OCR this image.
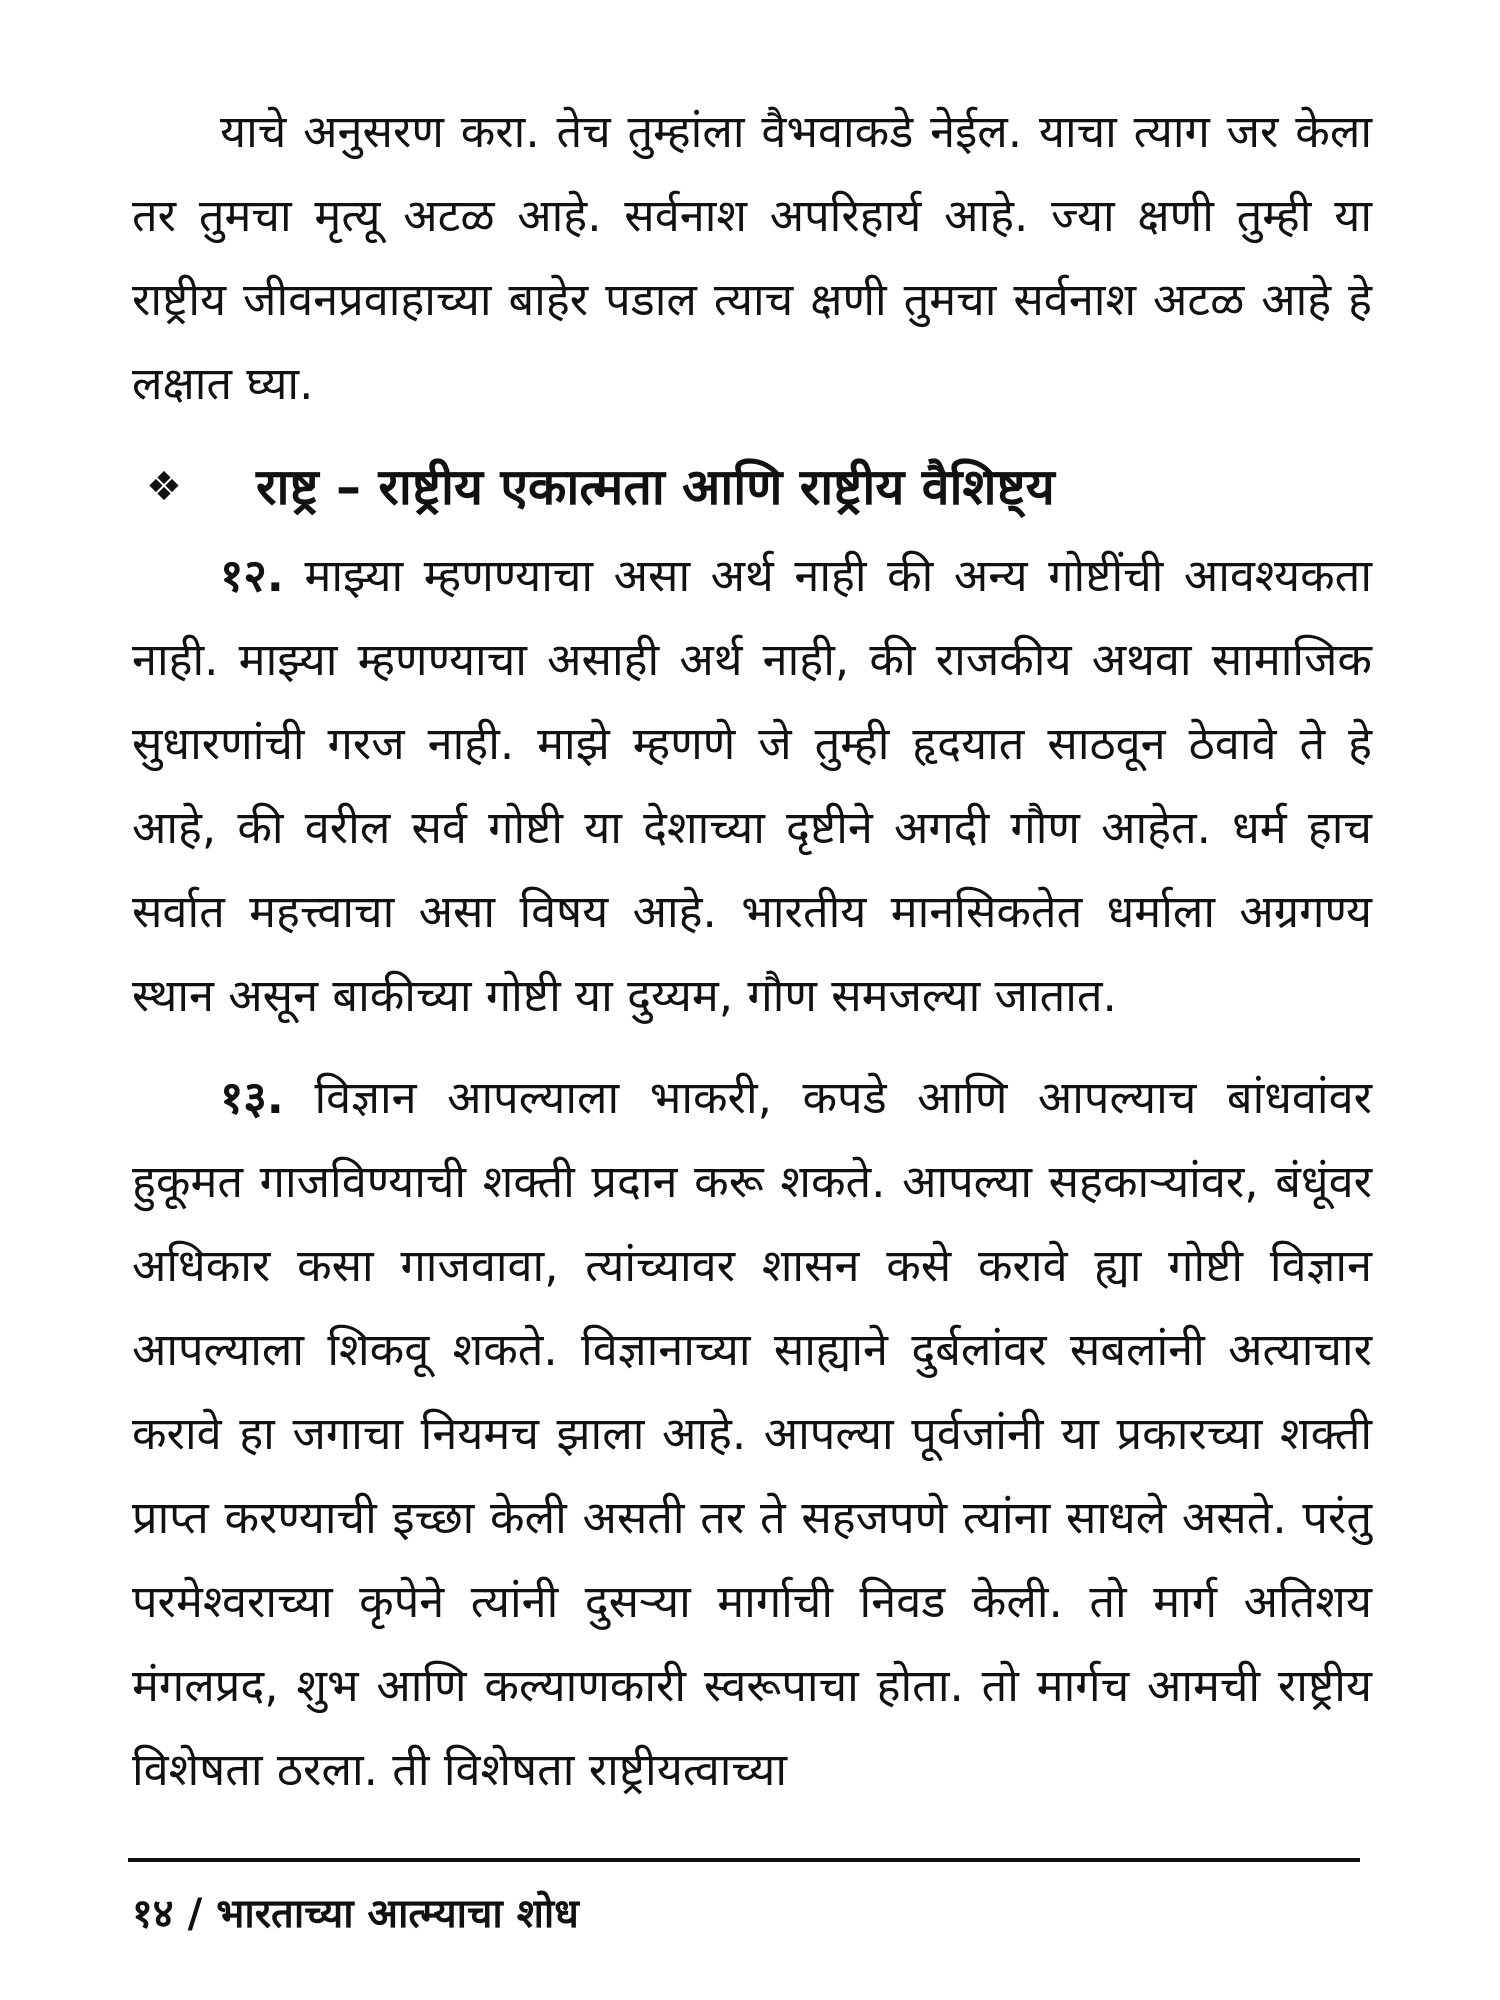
याचे अनुसरण करा. तेच तुम्हांला वैभवाकडे नेईल. याचा त्याग जर केला तर तुमचा मृत्यू अटळ आहे. सर्वनाश अपरिहार्य आहे. ज्या क्षणी तुम्ही या राष्ट्रीय जीवनप्रवाहाच्या बाहेर पडाल त्याच क्षणी तुमचा सर्वनाश अटळ आहे हे लक्षात घ्या.

❖	राष्ट्र – राष्ट्रीय एकात्मता आणि राष्ट्रीय वैशिष्ट्य

१२. माझ्या म्हणण्याचा असा अर्थ नाही की अन्य गोष्टींची आवश्यकता नाही. माझ्या म्हणण्याचा असाही अर्थ नाही, की राजकीय अथवा सामाजिक सुधारणांची गरज नाही. माझे म्हणणे जे तुम्ही हृदयात साठवून ठेवावे ते हे आहे, की वरील सर्व गोष्टी या देशाच्या दृष्टीने अगदी गौण आहेत. धर्म हाच सर्वात महत्त्वाचा असा विषय आहे. भारतीय मानसिकतेत धर्माला अग्रगण्य स्थान असून बाकीच्या गोष्टी या दुय्यम, गौण समजल्या जातात.

१३. विज्ञान आपल्याला भाकरी, कपडे आणि आपल्याच बांधवांवर हुकूमत गाजविण्याची शक्ती प्रदान करू शकते. आपल्या सहकाऱ्यांवर, बंधूंवर अधिकार कसा गाजवावा, त्यांच्यावर शासन कसे करावे ह्या गोष्टी विज्ञान आपल्याला शिकवू शकते. विज्ञानाच्या साह्याने दुर्बलांवर सबलांनी अत्याचार करावे हा जगाचा नियमच झाला आहे. आपल्या पूर्वजांनी या प्रकारच्या शक्ती प्राप्त करण्याची इच्छा केली असती तर ते सहजपणे त्यांना साधले असते. परंतु परमेश्वराच्या कृपेने त्यांनी दुसऱ्या मार्गाची निवड केली. तो मार्ग अतिशय मंगलप्रद, शुभ आणि कल्याणकारी स्वरूपाचा होता. तो मार्गच आमची राष्ट्रीय विशेषता ठरला. ती विशेषता राष्ट्रीयत्वाच्या

१४ / भारताच्या आत्म्याचा शोध
